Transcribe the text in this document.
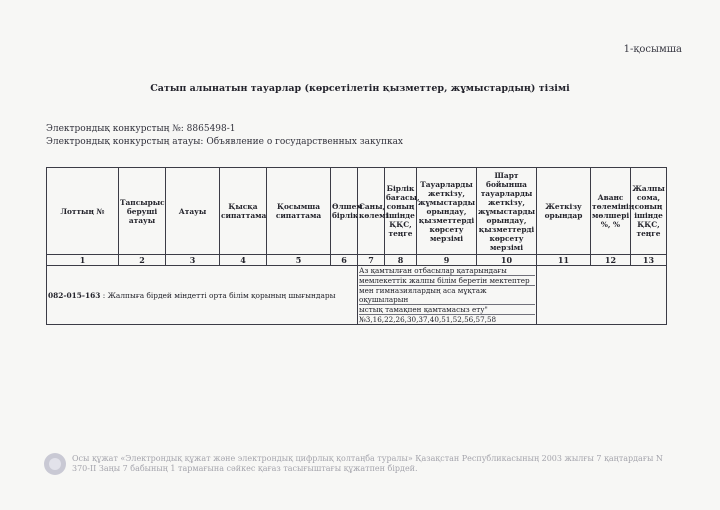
1-қосымша
Сатып алынатын тауарлар (көрсетілетін қызметтер, жұмыстардың) тізімі
Электрондық конкурстың №: 8865498-1
Электрондық конкурстың атауы: Объявление о государственных закупках
Лоттың №	Тапсырыс беруші атауы	Атауы	Қысқа сипаттама	Қосымша сипаттама	Өлшем бірлік	Саны, көлемі	Бірлік бағасы, соның ішінде ҚҚС, теңге	Тауарларды жеткізу, жұмыстарды орындау, қызметтерді көрсету мерзімі	Шарт бойынша тауарларды жеткізу, жұмыстарды орындау, қызметтерді көрсету мерзімі	Жеткізу орындар	Аванс төлемінің мөлшері %, %	Жалпы сома, соның ішінде ҚҚС, теңге
1	2	3	4	5	6	7	8	9	10	11	12	13
082-015-163 : Жалпыға бірдей міндетті орта білім қорының шығындары						Аз қамтылған отбасылар қатарындағы
мемлекеттік жалпы білім беретін мектептер
мен гимназиялардың аса мұқтаж оқушыларын
ыстық тамақпен қамтамасыз ету"
№3,16,22,26,30,37,40,51,52,56,57,58						

Осы құжат «Электрондық құжат және электрондық цифрлық қолтаңба туралы» Қазақстан Республикасының 2003 жылғы 7 қаңтардағы N 370-II Заңы 7 бабының 1 тармағына сәйкес қағаз тасығыштағы құжатпен бірдей.
